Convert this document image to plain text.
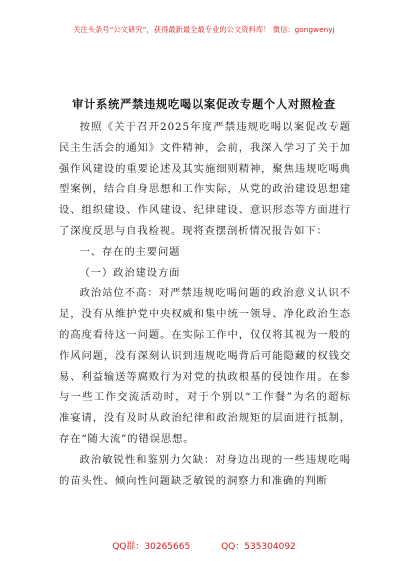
关注头条号“公文研究”，获得最新最全最专业的公文资料库！ 微信：gongwenyj
审计系统严禁违规吃喝以案促改专题个人对照检查

按照《关于召开2025年度严禁违规吃喝以案促改专题民主生活会的通知》文件精神，会前，我深入学习了关于加强作风建设的重要论述及其实施细则精神，聚焦违规吃喝典型案例，结合自身思想和工作实际，从党的政治建设思想建设、组织建设、作风建设、纪律建设、意识形态等方面进行了深度反思与自我检视。现将查摆剖析情况报告如下：

一、存在的主要问题

（一）政治建设方面

政治站位不高：对严禁违规吃喝问题的政治意义认识不足，没有从维护党中央权威和集中统一领导、净化政治生态的高度看待这一问题。在实际工作中，仅仅将其视为一般的作风问题，没有深刻认识到违规吃喝背后可能隐藏的权钱交易、利益输送等腐败行为对党的执政根基的侵蚀作用。在参与一些工作交流活动时，对于个别以“工作餐”为名的超标准宴请，没有及时从政治纪律和政治规矩的层面进行抵制，存在“随大流”的错误思想。

政治敏锐性和鉴别力欠缺：对身边出现的一些违规吃喝的苗头性、倾向性问题缺乏敏锐的洞察力和准确的判断

QQ群：30265665	QQ：535304092
